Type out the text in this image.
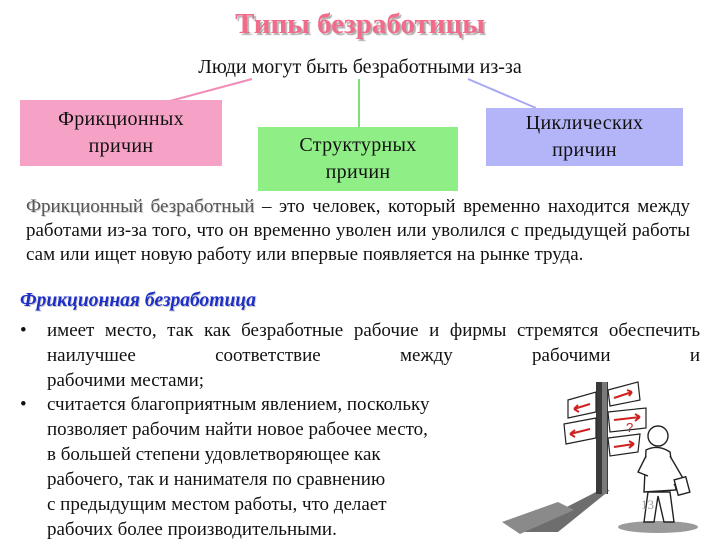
Типы безработицы
Люди могут быть безработными из-за
Фрикционных
причин	Структурных
причин
Циклических
причин
Фрикционный безработный – это человек, который временно находится между работами из-за того, что он временно уволен или уволился с предыдущей работы сам или ищет новую работу или впервые появляется на рынке труда.
Фрикционная безработица
• имеет место, так как безработные рабочие и фирмы стремятся обеспечить наилучшее соответствие между рабочими и
рабочими местами;
• считается благоприятным явлением, поскольку
позволяет рабочим найти новое рабочее место,
в большей степени удовлетворяющее как
рабочего, так и нанимателя по сравнению
с предыдущим местом работы, что делает
рабочих более производительными.
?
13
